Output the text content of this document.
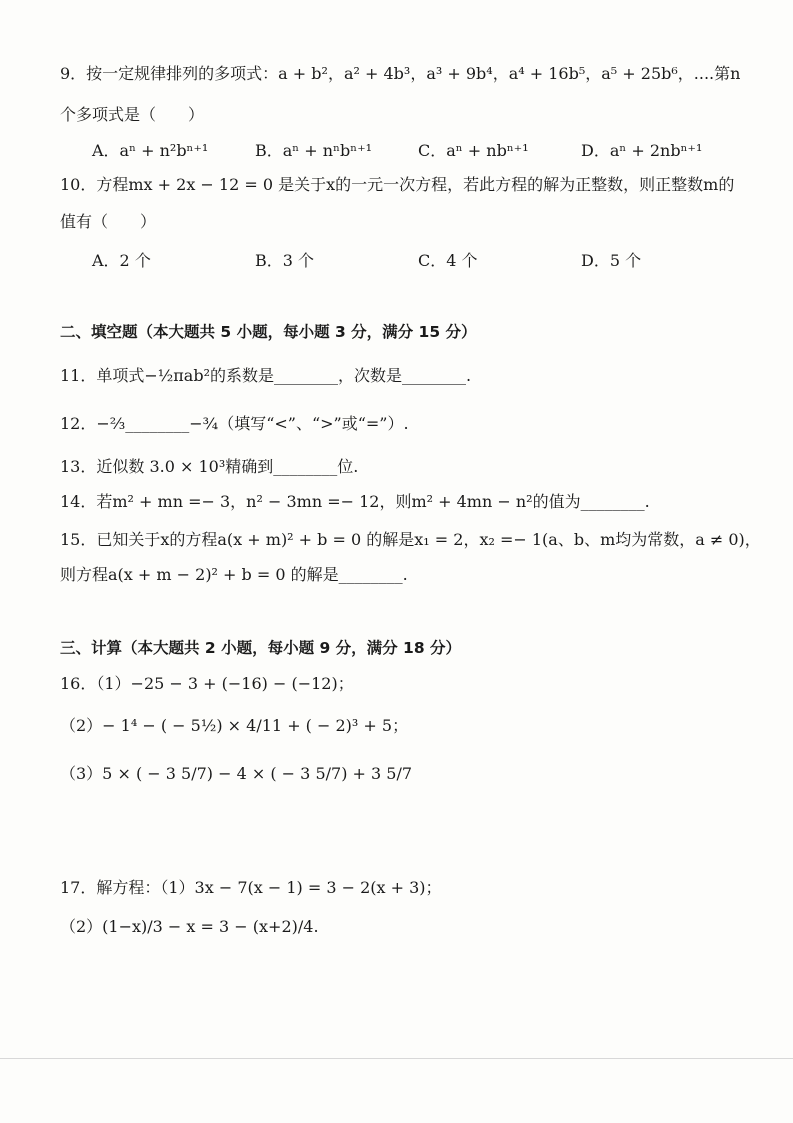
9．按一定规律排列的多项式：a + b²，a² + 4b³，a³ + 9b⁴，a⁴ + 16b⁵，a⁵ + 25b⁶，....第n
个多项式是（　　）
A．aⁿ + n²bⁿ⁺¹	B．aⁿ + nⁿbⁿ⁺¹	C．aⁿ + nbⁿ⁺¹	D．aⁿ + 2nbⁿ⁺¹
10．方程mx + 2x − 12 = 0 是关于x的一元一次方程，若此方程的解为正整数，则正整数m的
值有（　　）
A．2 个	B．3 个	C．4 个	D．5 个
二、填空题（本大题共 5 小题，每小题 3 分，满分 15 分）
11．单项式−½πab²的系数是________，次数是________.
12．−⅔________−¾（填写“<”、“>”或“=”）.
13．近似数 3.0 × 10³精确到________位.
14．若m² + mn =− 3，n² − 3mn =− 12，则m² + 4mn − n²的值为________.
15．已知关于x的方程a(x + m)² + b = 0 的解是x₁ = 2，x₂ =− 1(a、b、m均为常数，a ≠ 0)，
则方程a(x + m − 2)² + b = 0 的解是________.
三、计算（本大题共 2 小题，每小题 9 分，满分 18 分）
16．（1）−25 − 3 + (−16) − (−12)；
（2）− 1⁴ − ( − 5½) × 4/11 + ( − 2)³ + 5；
（3）5 × ( − 3 5/7) − 4 × ( − 3 5/7) + 3 5/7
17．解方程：（1）3x − 7(x − 1) = 3 − 2(x + 3)；
（2）(1−x)/3 − x = 3 − (x+2)/4.
